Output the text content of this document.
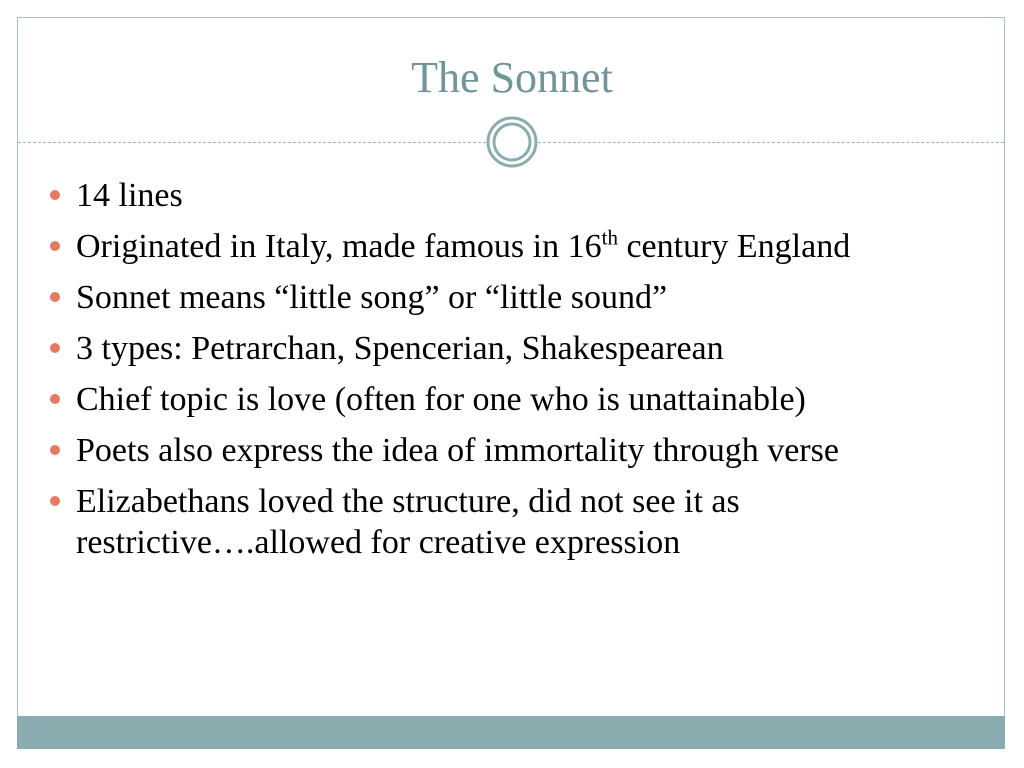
The Sonnet
14 lines
Originated in Italy, made famous in 16th century England
Sonnet means “little song” or “little sound”
3 types: Petrarchan, Spencerian, Shakespearean
Chief topic is love (often for one who is unattainable)
Poets also express the idea of immortality through verse
Elizabethans loved the structure, did not see it as restrictive….allowed for creative expression
